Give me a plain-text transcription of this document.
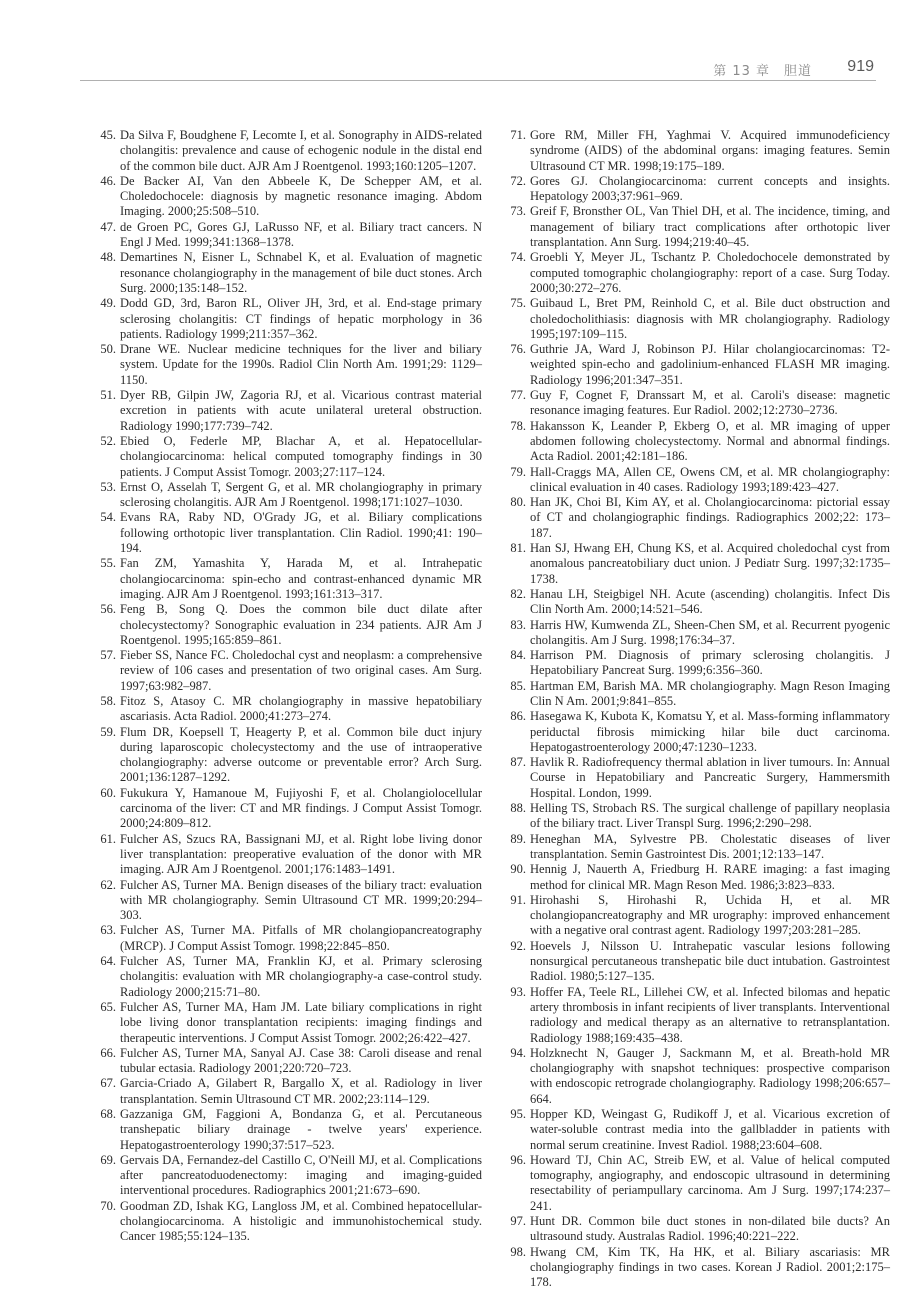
第 13 章　胆道 919
45. Da Silva F, Boudghene F, Lecomte I, et al. Sonography in AIDS-related cholangitis: prevalence and cause of echogenic nodule in the distal end of the common bile duct. AJR Am J Roentgenol. 1993;160:1205–1207.
46. De Backer AI, Van den Abbeele K, De Schepper AM, et al. Choledochocele: diagnosis by magnetic resonance imaging. Abdom Imaging. 2000;25:508–510.
47. de Groen PC, Gores GJ, LaRusso NF, et al. Biliary tract cancers. N Engl J Med. 1999;341:1368–1378.
48. Demartines N, Eisner L, Schnabel K, et al. Evaluation of magnetic resonance cholangiography in the management of bile duct stones. Arch Surg. 2000;135:148–152.
49. Dodd GD, 3rd, Baron RL, Oliver JH, 3rd, et al. End-stage primary sclerosing cholangitis: CT findings of hepatic morphology in 36 patients. Radiology 1999;211:357–362.
50. Drane WE. Nuclear medicine techniques for the liver and biliary system. Update for the 1990s. Radiol Clin North Am. 1991;29: 1129–1150.
51. Dyer RB, Gilpin JW, Zagoria RJ, et al. Vicarious contrast material excretion in patients with acute unilateral ureteral obstruction. Radiology 1990;177:739–742.
52. Ebied O, Federle MP, Blachar A, et al. Hepatocellular-cholangiocarcinoma: helical computed tomography findings in 30 patients. J Comput Assist Tomogr. 2003;27:117–124.
53. Ernst O, Asselah T, Sergent G, et al. MR cholangiography in primary sclerosing cholangitis. AJR Am J Roentgenol. 1998;171:1027–1030.
54. Evans RA, Raby ND, O'Grady JG, et al. Biliary complications following orthotopic liver transplantation. Clin Radiol. 1990;41: 190–194.
55. Fan ZM, Yamashita Y, Harada M, et al. Intrahepatic cholangiocarcinoma: spin-echo and contrast-enhanced dynamic MR imaging. AJR Am J Roentgenol. 1993;161:313–317.
56. Feng B, Song Q. Does the common bile duct dilate after cholecystectomy? Sonographic evaluation in 234 patients. AJR Am J Roentgenol. 1995;165:859–861.
57. Fieber SS, Nance FC. Choledochal cyst and neoplasm: a comprehensive review of 106 cases and presentation of two original cases. Am Surg. 1997;63:982–987.
58. Fitoz S, Atasoy C. MR cholangiography in massive hepatobiliary ascariasis. Acta Radiol. 2000;41:273–274.
59. Flum DR, Koepsell T, Heagerty P, et al. Common bile duct injury during laparoscopic cholecystectomy and the use of intraoperative cholangiography: adverse outcome or preventable error? Arch Surg. 2001;136:1287–1292.
60. Fukukura Y, Hamanoue M, Fujiyoshi F, et al. Cholangiolocellular carcinoma of the liver: CT and MR findings. J Comput Assist Tomogr. 2000;24:809–812.
61. Fulcher AS, Szucs RA, Bassignani MJ, et al. Right lobe living donor liver transplantation: preoperative evaluation of the donor with MR imaging. AJR Am J Roentgenol. 2001;176:1483–1491.
62. Fulcher AS, Turner MA. Benign diseases of the biliary tract: evaluation with MR cholangiography. Semin Ultrasound CT MR. 1999;20:294–303.
63. Fulcher AS, Turner MA. Pitfalls of MR cholangiopancreatography (MRCP). J Comput Assist Tomogr. 1998;22:845–850.
64. Fulcher AS, Turner MA, Franklin KJ, et al. Primary sclerosing cholangitis: evaluation with MR cholangiography-a case-control study. Radiology 2000;215:71–80.
65. Fulcher AS, Turner MA, Ham JM. Late biliary complications in right lobe living donor transplantation recipients: imaging findings and therapeutic interventions. J Comput Assist Tomogr. 2002;26:422–427.
66. Fulcher AS, Turner MA, Sanyal AJ. Case 38: Caroli disease and renal tubular ectasia. Radiology 2001;220:720–723.
67. Garcia-Criado A, Gilabert R, Bargallo X, et al. Radiology in liver transplantation. Semin Ultrasound CT MR. 2002;23:114–129.
68. Gazzaniga GM, Faggioni A, Bondanza G, et al. Percutaneous transhepatic biliary drainage - twelve years' experience. Hepatogastroenterology 1990;37:517–523.
69. Gervais DA, Fernandez-del Castillo C, O'Neill MJ, et al. Complications after pancreatoduodenectomy: imaging and imaging-guided interventional procedures. Radiographics 2001;21:673–690.
70. Goodman ZD, Ishak KG, Langloss JM, et al. Combined hepatocellular-cholangiocarcinoma. A histoligic and immunohistochemical study. Cancer 1985;55:124–135.
71. Gore RM, Miller FH, Yaghmai V. Acquired immunodeficiency syndrome (AIDS) of the abdominal organs: imaging features. Semin Ultrasound CT MR. 1998;19:175–189.
72. Gores GJ. Cholangiocarcinoma: current concepts and insights. Hepatology 2003;37:961–969.
73. Greif F, Bronsther OL, Van Thiel DH, et al. The incidence, timing, and management of biliary tract complications after orthotopic liver transplantation. Ann Surg. 1994;219:40–45.
74. Groebli Y, Meyer JL, Tschantz P. Choledochocele demonstrated by computed tomographic cholangiography: report of a case. Surg Today. 2000;30:272–276.
75. Guibaud L, Bret PM, Reinhold C, et al. Bile duct obstruction and choledocholithiasis: diagnosis with MR cholangiography. Radiology 1995;197:109–115.
76. Guthrie JA, Ward J, Robinson PJ. Hilar cholangiocarcinomas: T2-weighted spin-echo and gadolinium-enhanced FLASH MR imaging. Radiology 1996;201:347–351.
77. Guy F, Cognet F, Dranssart M, et al. Caroli's disease: magnetic resonance imaging features. Eur Radiol. 2002;12:2730–2736.
78. Hakansson K, Leander P, Ekberg O, et al. MR imaging of upper abdomen following cholecystectomy. Normal and abnormal findings. Acta Radiol. 2001;42:181–186.
79. Hall-Craggs MA, Allen CE, Owens CM, et al. MR cholangiography: clinical evaluation in 40 cases. Radiology 1993;189:423–427.
80. Han JK, Choi BI, Kim AY, et al. Cholangiocarcinoma: pictorial essay of CT and cholangiographic findings. Radiographics 2002;22: 173–187.
81. Han SJ, Hwang EH, Chung KS, et al. Acquired choledochal cyst from anomalous pancreatobiliary duct union. J Pediatr Surg. 1997;32:1735–1738.
82. Hanau LH, Steigbigel NH. Acute (ascending) cholangitis. Infect Dis Clin North Am. 2000;14:521–546.
83. Harris HW, Kumwenda ZL, Sheen-Chen SM, et al. Recurrent pyogenic cholangitis. Am J Surg. 1998;176:34–37.
84. Harrison PM. Diagnosis of primary sclerosing cholangitis. J Hepatobiliary Pancreat Surg. 1999;6:356–360.
85. Hartman EM, Barish MA. MR cholangiography. Magn Reson Imaging Clin N Am. 2001;9:841–855.
86. Hasegawa K, Kubota K, Komatsu Y, et al. Mass-forming inflammatory periductal fibrosis mimicking hilar bile duct carcinoma. Hepatogastroenterology 2000;47:1230–1233.
87. Havlik R. Radiofrequency thermal ablation in liver tumours. In: Annual Course in Hepatobiliary and Pancreatic Surgery, Hammersmith Hospital. London, 1999.
88. Helling TS, Strobach RS. The surgical challenge of papillary neoplasia of the biliary tract. Liver Transpl Surg. 1996;2:290–298.
89. Heneghan MA, Sylvestre PB. Cholestatic diseases of liver transplantation. Semin Gastrointest Dis. 2001;12:133–147.
90. Hennig J, Nauerth A, Friedburg H. RARE imaging: a fast imaging method for clinical MR. Magn Reson Med. 1986;3:823–833.
91. Hirohashi S, Hirohashi R, Uchida H, et al. MR cholangiopancreatography and MR urography: improved enhancement with a negative oral contrast agent. Radiology 1997;203:281–285.
92. Hoevels J, Nilsson U. Intrahepatic vascular lesions following nonsurgical percutaneous transhepatic bile duct intubation. Gastrointest Radiol. 1980;5:127–135.
93. Hoffer FA, Teele RL, Lillehei CW, et al. Infected bilomas and hepatic artery thrombosis in infant recipients of liver transplants. Interventional radiology and medical therapy as an alternative to retransplantation. Radiology 1988;169:435–438.
94. Holzknecht N, Gauger J, Sackmann M, et al. Breath-hold MR cholangiography with snapshot techniques: prospective comparison with endoscopic retrograde cholangiography. Radiology 1998;206:657–664.
95. Hopper KD, Weingast G, Rudikoff J, et al. Vicarious excretion of water-soluble contrast media into the gallbladder in patients with normal serum creatinine. Invest Radiol. 1988;23:604–608.
96. Howard TJ, Chin AC, Streib EW, et al. Value of helical computed tomography, angiography, and endoscopic ultrasound in determining resectability of periampullary carcinoma. Am J Surg. 1997;174:237–241.
97. Hunt DR. Common bile duct stones in non-dilated bile ducts? An ultrasound study. Australas Radiol. 1996;40:221–222.
98. Hwang CM, Kim TK, Ha HK, et al. Biliary ascariasis: MR cholangiography findings in two cases. Korean J Radiol. 2001;2:175–178.
